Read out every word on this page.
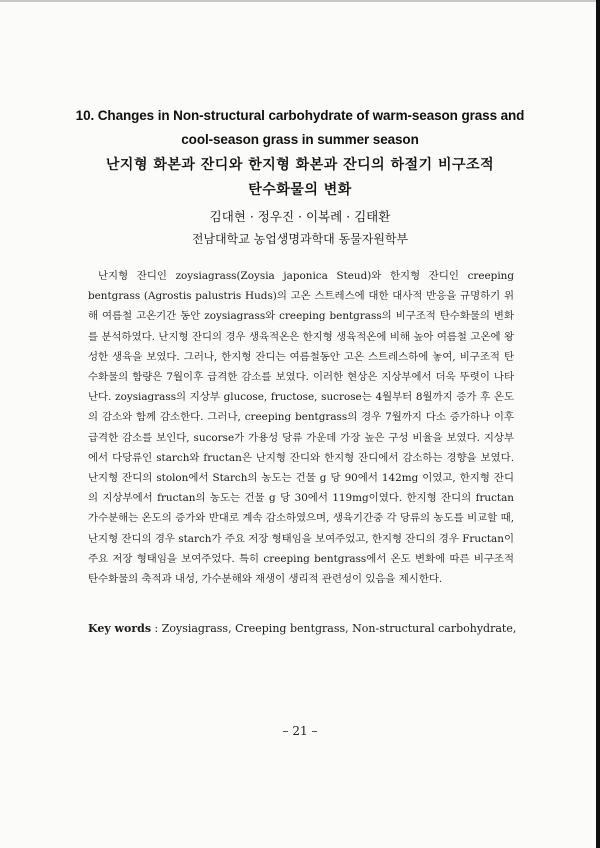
10. Changes in Non-structural carbohydrate of warm-season grass and
cool-season grass in summer season
난지형 화본과 잔디와 한지형 화본과 잔디의 하절기 비구조적
탄수화물의 변화
김대현 · 정우진 · 이복례 · 김태환
전남대학교 농업생명과학대 동물자원학부

난지형 잔디인 zoysiagrass(Zoysia japonica Steud)와 한지형 잔디인 creeping bentgrass (Agrostis palustris Huds)의 고온 스트레스에 대한 대사적 반응을 규명하기 위해 여름철 고온기간 동안 zoysiagrass와 creeping bentgrass의 비구조적 탄수화물의 변화를 분석하였다. 난지형 잔디의 경우 생육적온은 한지형 생육적온에 비해 높아 여름철 고온에 왕성한 생육을 보였다. 그러나, 한지형 잔디는 여름철동안 고온 스트레스하에 놓여, 비구조적 탄수화물의 함량은 7월이후 급격한 감소를 보였다. 이러한 현상은 지상부에서 더욱 뚜렷이 나타난다. zoysiagrass의 지상부 glucose, fructose, sucrose는 4월부터 8월까지 증가 후 온도의 감소와 함께 감소한다. 그러나, creeping bentgrass의 경우 7월까지 다소 증가하나 이후 급격한 감소를 보인다, sucorse가 가용성 당류 가운데 가장 높은 구성 비율을 보였다. 지상부에서 다당류인 starch와 fructan은 난지형 잔디와 한지형 잔디에서 감소하는 경향을 보였다. 난지형 잔디의 stolon에서 Starch의 농도는 건물 g 당 90에서 142mg 이였고, 한지형 잔디의 지상부에서 fructan의 농도는 건물 g 당 30에서 119mg이였다. 한지형 잔디의 fructan 가수분해는 온도의 증가와 반대로 계속 감소하였으며, 생육기간중 각 당류의 농도를 비교할 때, 난지형 잔디의 경우 starch가 주요 저장 형태임을 보여주었고, 한지형 잔디의 경우 Fructan이 주요 저장 형태임을 보여주었다. 특히 creeping bentgrass에서 온도 변화에 따른 비구조적 탄수화물의 축적과 내성, 가수분해와 재생이 생리적 관련성이 있음을 제시한다.

Key words : Zoysiagrass, Creeping bentgrass, Non-structural carbohydrate,
– 21 –
